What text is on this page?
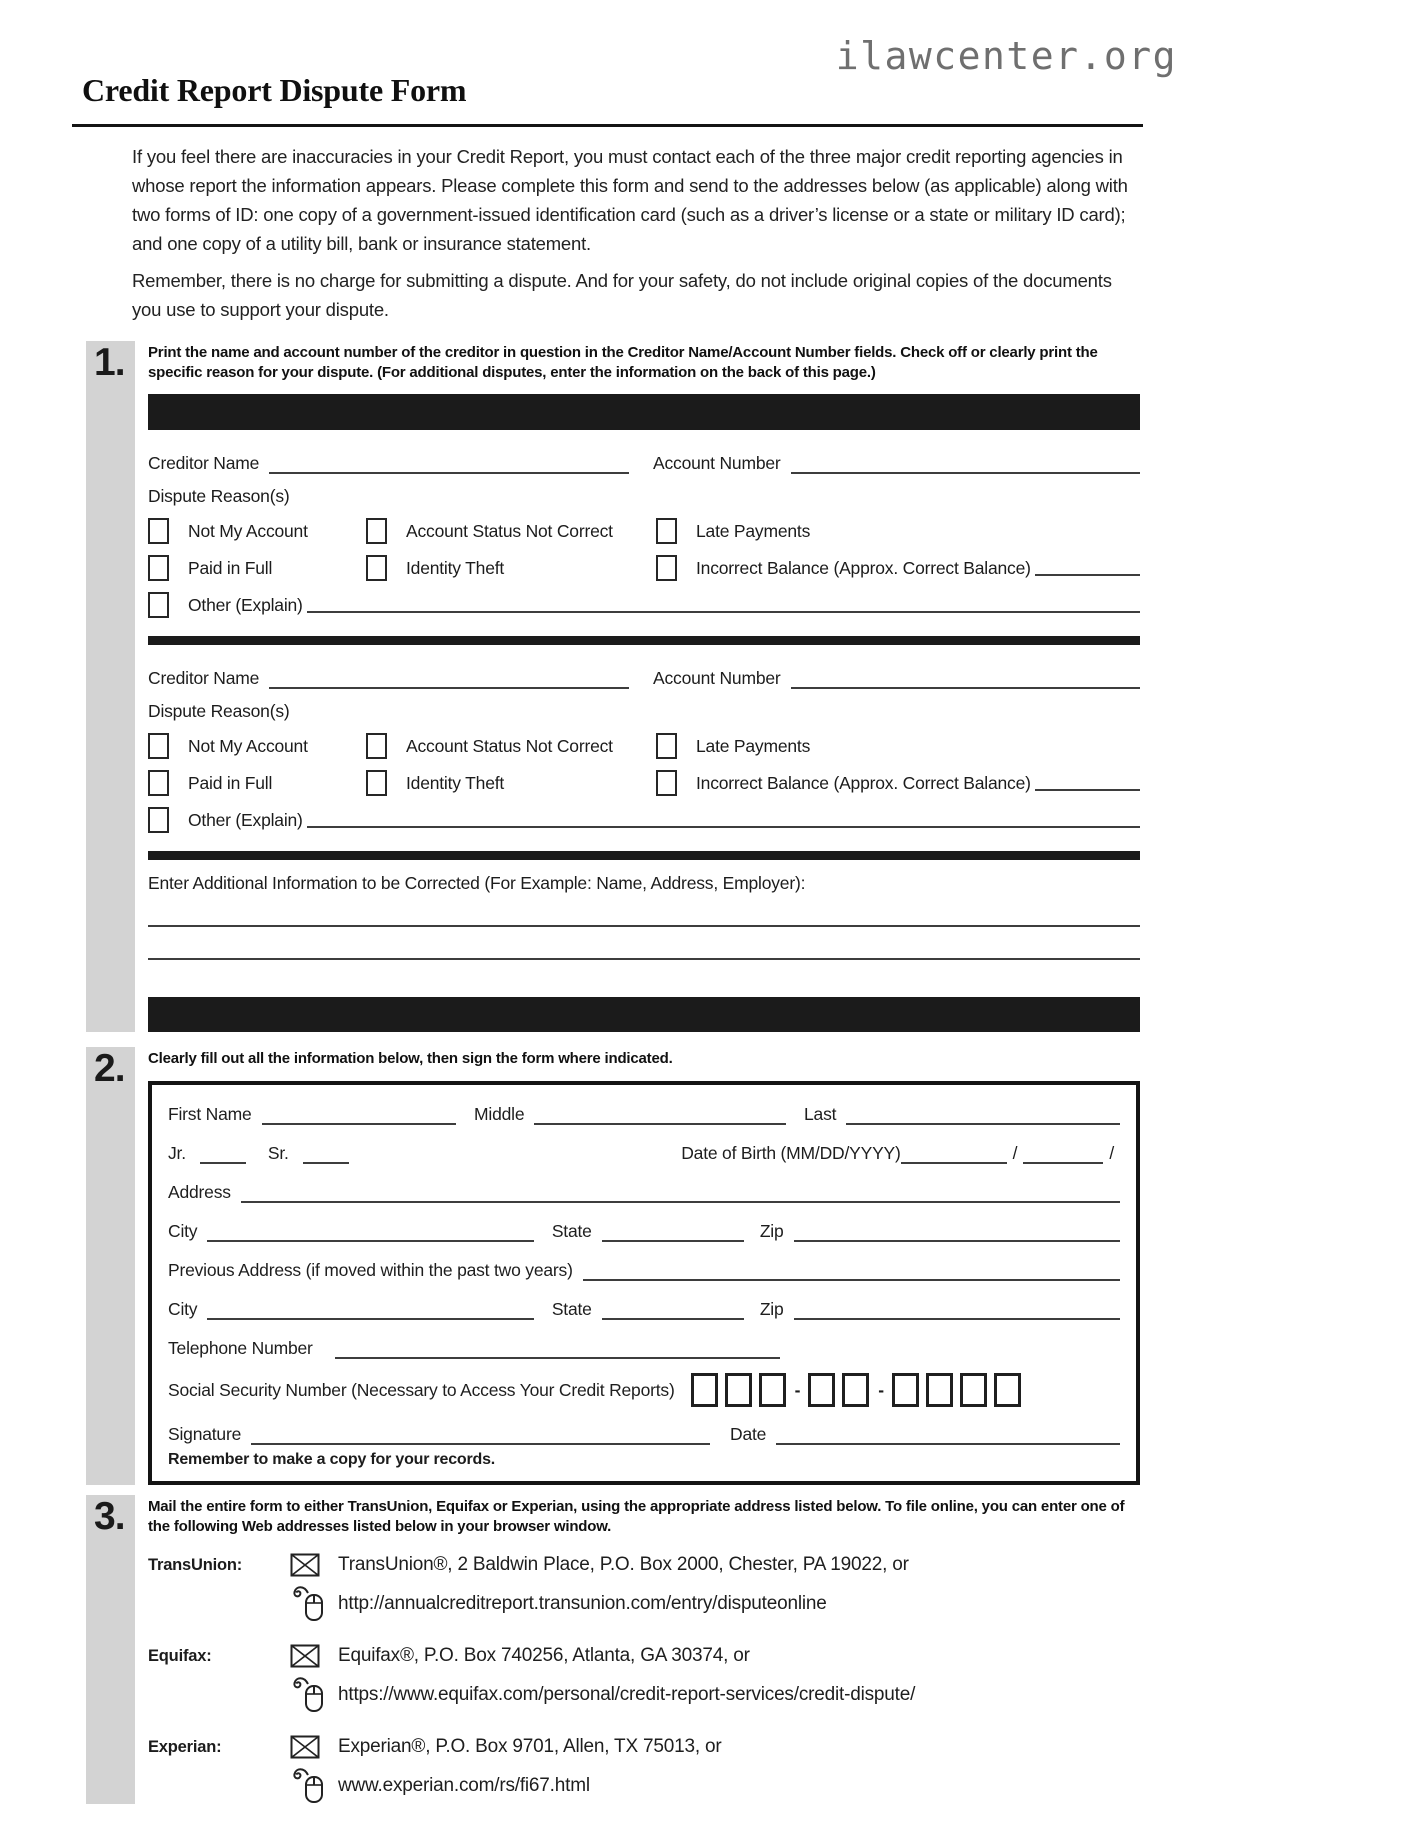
ilawcenter.org
Credit Report Dispute Form

If you feel there are inaccuracies in your Credit Report, you must contact each of the three major credit reporting agencies in whose report the information appears. Please complete this form and send to the addresses below (as applicable) along with two forms of ID: one copy of a government-issued identification card (such as a driver’s license or a state or military ID card); and one copy of a utility bill, bank or insurance statement.

Remember, there is no charge for submitting a dispute. And for your safety, do not include original copies of the documents you use to support your dispute.

1.	Print the name and account number of the creditor in question in the Creditor Name/Account Number fields. Check off or clearly print the specific reason for your dispute. (For additional disputes, enter the information on the back of this page.)
Creditor Name	Account Number
Dispute Reason(s)
Not My Account	Account Status Not Correct	Late Payments
Paid in Full	Identity Theft	Incorrect Balance (Approx. Correct Balance)
Other (Explain)
Creditor Name	Account Number
Dispute Reason(s)
Not My Account	Account Status Not Correct	Late Payments
Paid in Full	Identity Theft	Incorrect Balance (Approx. Correct Balance)
Other (Explain)
Enter Additional Information to be Corrected (For Example: Name, Address, Employer):
2.	Clearly fill out all the information below, then sign the form where indicated.
First Name	Middle	Last
Jr.	Sr.	Date of Birth (MM/DD/YYYY)	/	/
Address
City	State	Zip
Previous Address (if moved within the past two years)
City	State	Zip
Telephone Number
Social Security Number (Necessary to Access Your Credit Reports)	-	-
Signature	Date
Remember to make a copy for your records.
3.	Mail the entire form to either TransUnion, Equifax or Experian, using the appropriate address listed below. To file online, you can enter one of the following Web addresses listed below in your browser window.
TransUnion:	TransUnion®, 2 Baldwin Place, P.O. Box 2000, Chester, PA 19022, or
http://annualcreditreport.transunion.com/entry/disputeonline
Equifax:	Equifax®, P.O. Box 740256, Atlanta, GA 30374, or
https://www.equifax.com/personal/credit-report-services/credit-dispute/
Experian:	Experian®, P.O. Box 9701, Allen, TX 75013, or
www.experian.com/rs/fi67.html
